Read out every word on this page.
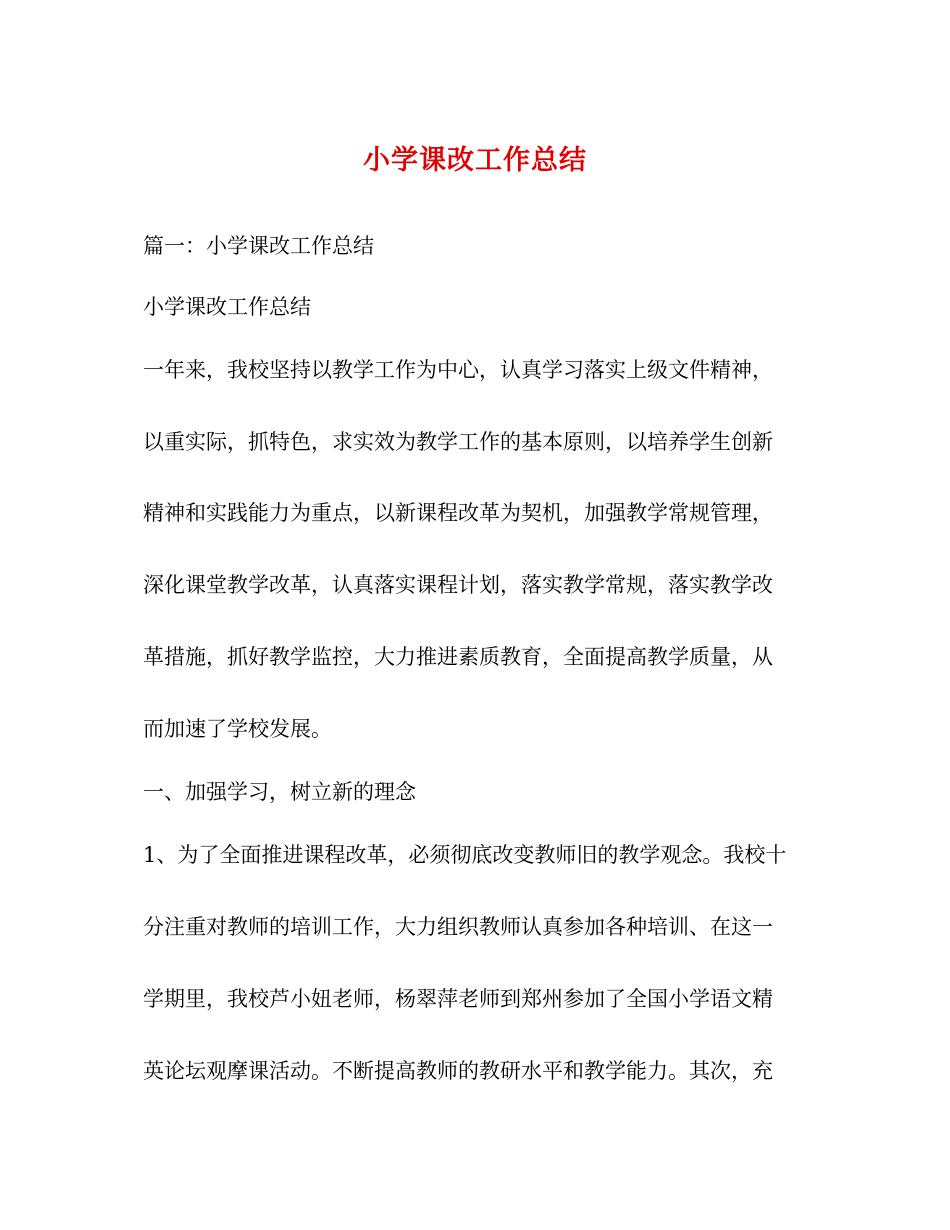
小学课改工作总结
篇一：小学课改工作总结
小学课改工作总结
一年来，我校坚持以教学工作为中心，认真学习落实上级文件精神，
以重实际，抓特色，求实效为教学工作的基本原则，以培养学生创新
精神和实践能力为重点，以新课程改革为契机，加强教学常规管理，
深化课堂教学改革，认真落实课程计划，落实教学常规，落实教学改
革措施，抓好教学监控，大力推进素质教育，全面提高教学质量，从
而加速了学校发展。
一、加强学习，树立新的理念
1、为了全面推进课程改革，必须彻底改变教师旧的教学观念。我校十
分注重对教师的培训工作，大力组织教师认真参加各种培训、在这一
学期里，我校芦小妞老师，杨翠萍老师到郑州参加了全国小学语文精
英论坛观摩课活动。不断提高教师的教研水平和教学能力。其次，充
